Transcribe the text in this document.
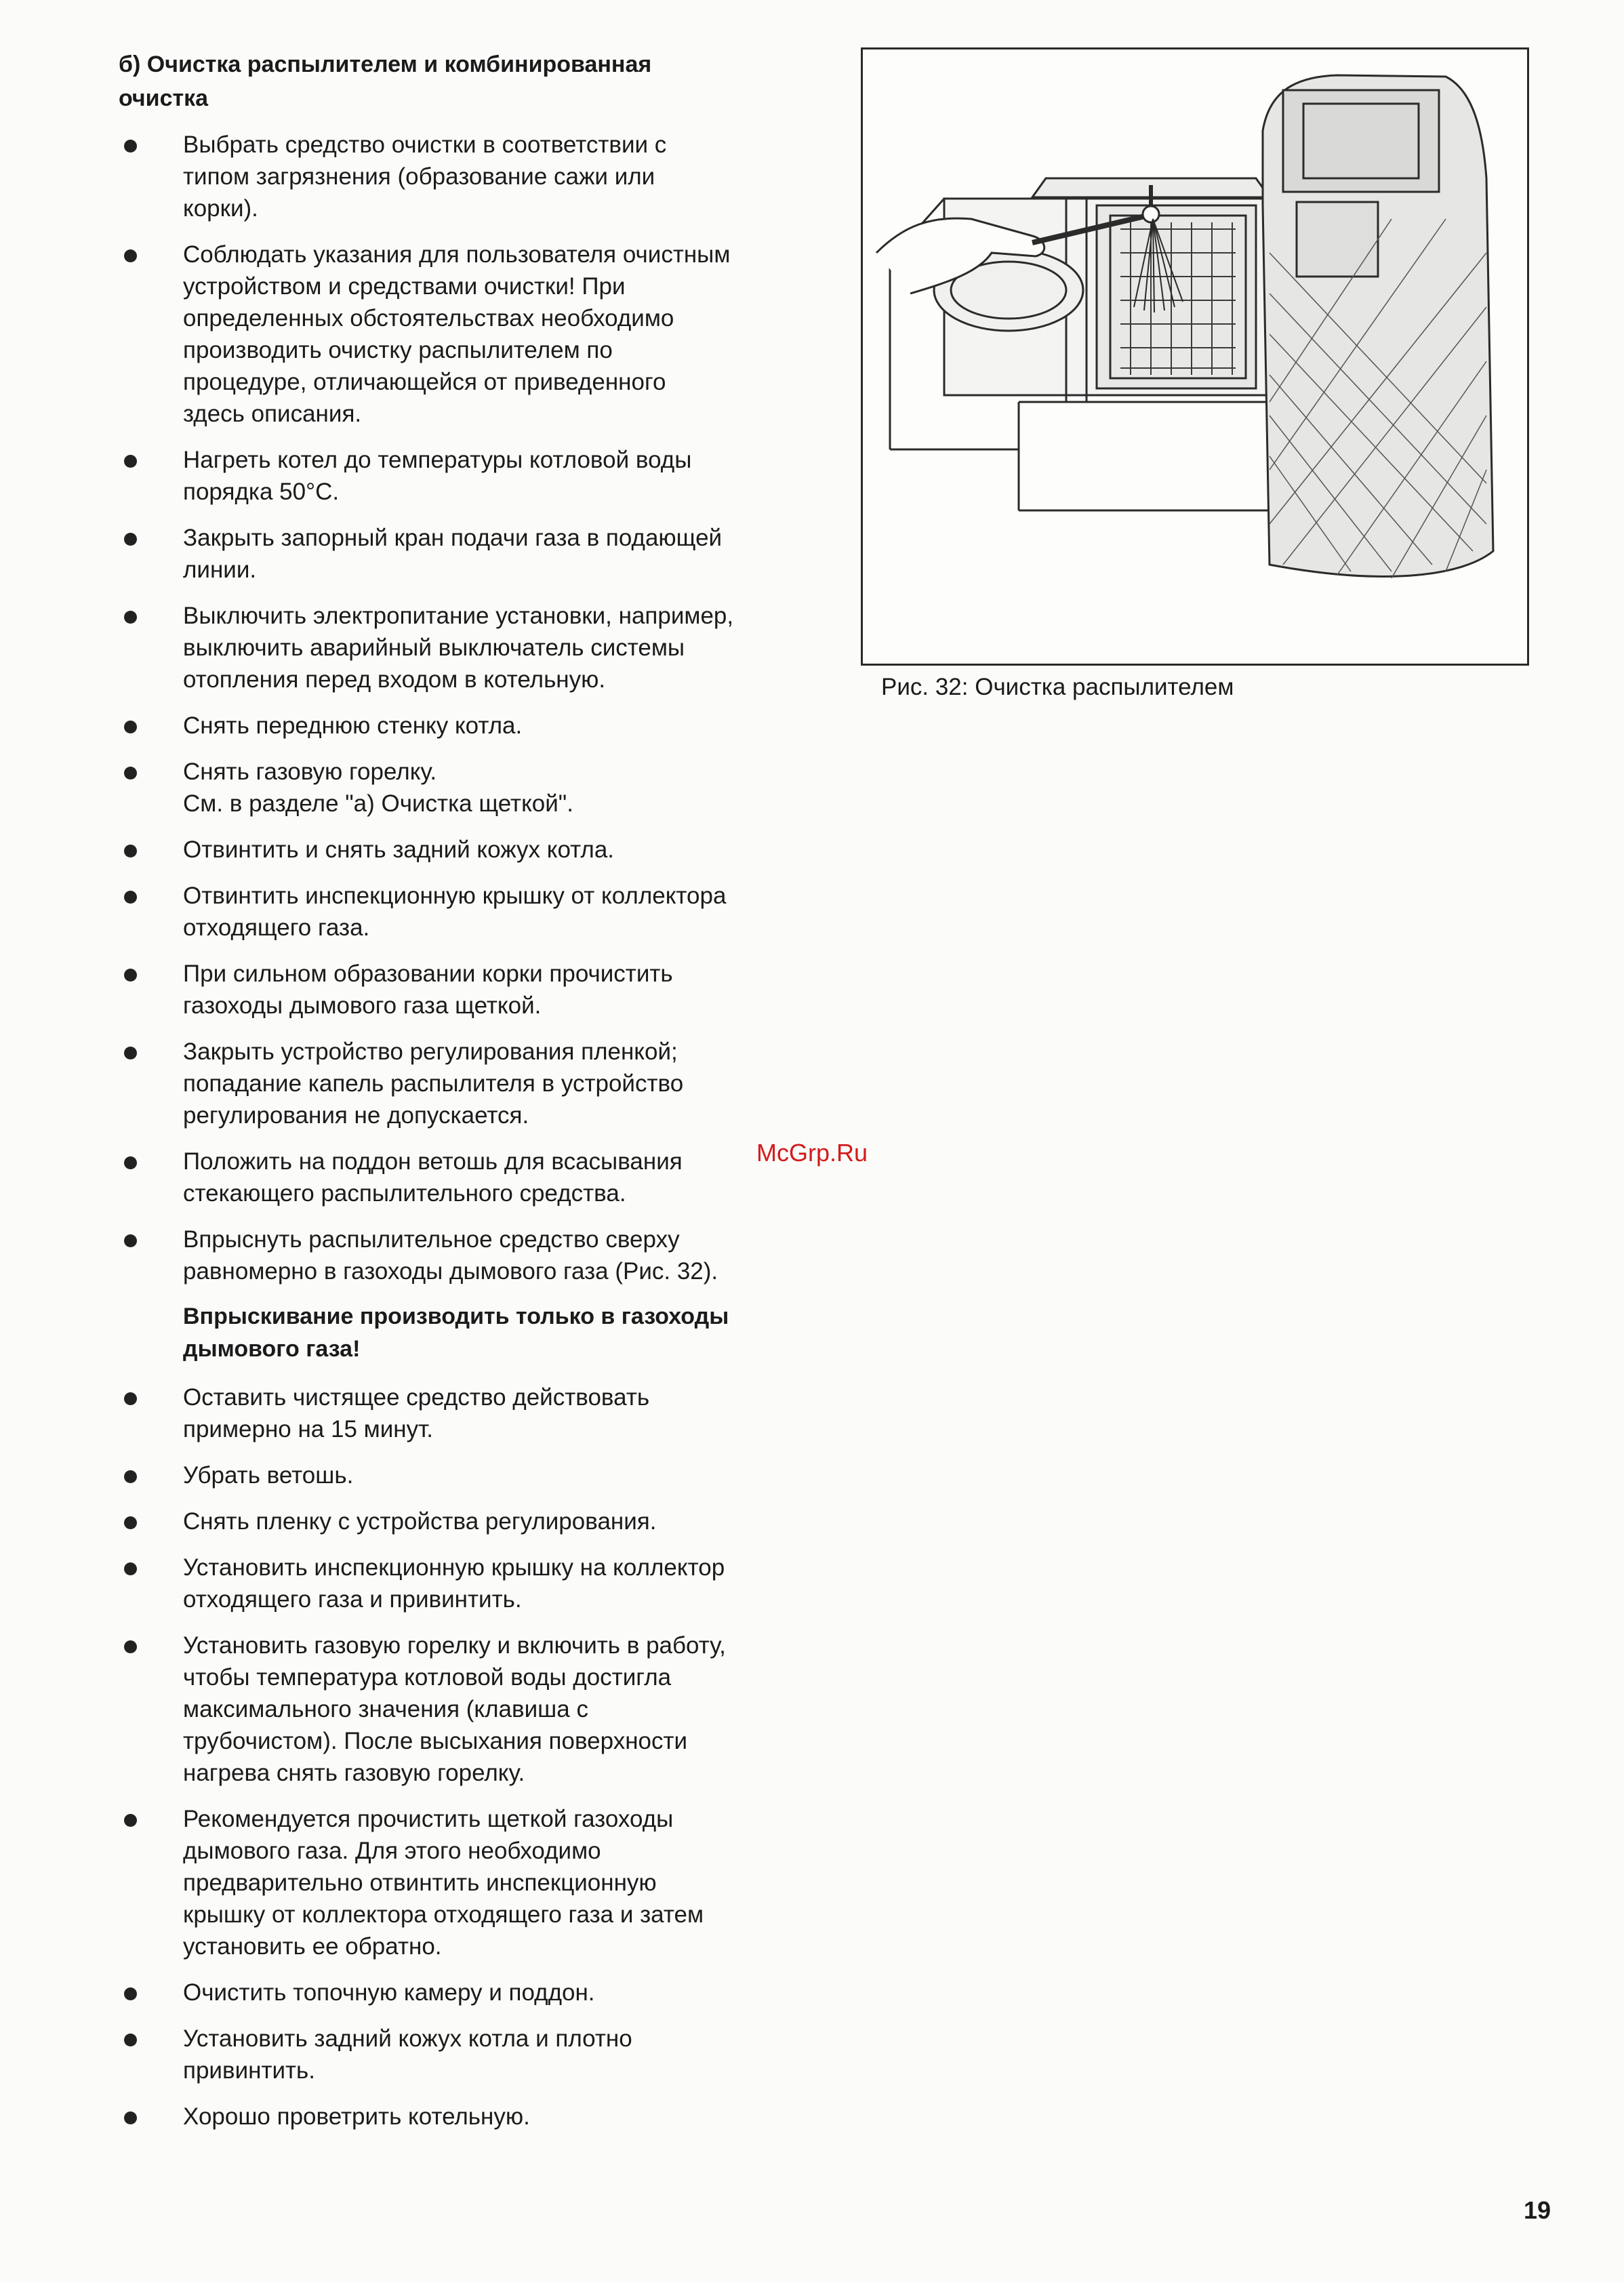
б) Очистка распылителем и комбинированная
очистка
Выбрать средство очистки в соответствии с
типом загрязнения (образование сажи или
корки).
Соблюдать указания для пользователя очистным
устройством и средствами очистки! При
определенных обстоятельствах необходимо
производить очистку распылителем по
процедуре, отличающейся от приведенного
здесь описания.
Нагреть котел до температуры котловой воды
порядка 50°С.
Закрыть запорный кран подачи газа в подающей
линии.
Выключить электропитание установки, например,
выключить аварийный выключатель системы
отопления перед входом в котельную.
Снять переднюю стенку котла.
Снять газовую горелку.
См. в разделе "а) Очистка щеткой".
Отвинтить и снять задний кожух котла.
Отвинтить инспекционную крышку от коллектора
отходящего газа.
При сильном образовании корки прочистить
газоходы дымового газа щеткой.
Закрыть устройство регулирования пленкой;
попадание капель распылителя в устройство
регулирования не допускается.
Положить на поддон ветошь для всасывания
стекающего распылительного средства.
Впрыснуть распылительное средство сверху
равномерно в газоходы дымового газа (Рис. 32).
Впрыскивание производить только в газоходы
дымового газа!
Оставить чистящее средство действовать
примерно на 15 минут.
Убрать ветошь.
Снять пленку с устройства регулирования.
Установить инспекционную крышку на коллектор
отходящего газа и привинтить.
Установить газовую горелку и включить в работу,
чтобы температура котловой воды достигла
максимального значения (клавиша с
трубочистом). После высыхания поверхности
нагрева снять газовую горелку.
Рекомендуется прочистить щеткой газоходы
дымового газа. Для этого необходимо
предварительно отвинтить инспекционную
крышку от коллектора отходящего газа и затем
установить ее обратно.
Очистить топочную камеру и поддон.
Установить задний кожух котла и плотно
привинтить.
Хорошо проветрить котельную.
Рис. 32: Очистка распылителем
McGrp.Ru
19
